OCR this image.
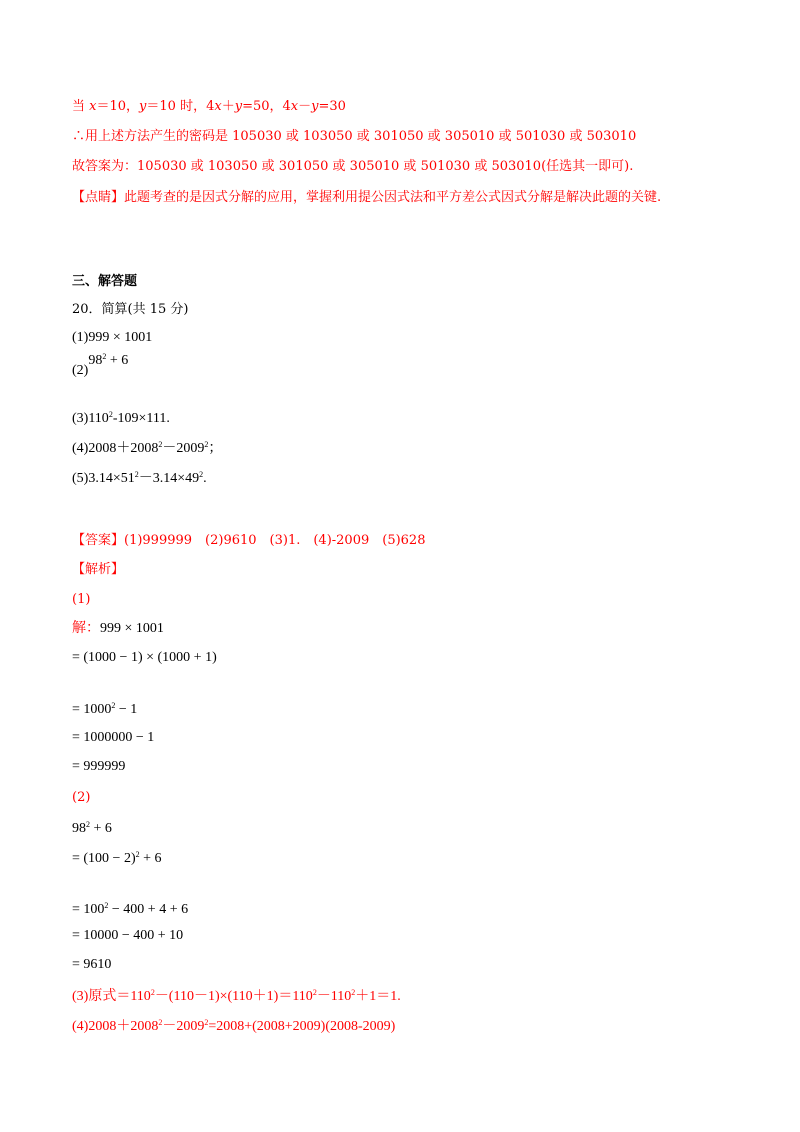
当 x＝10，y＝10 时，4x＋y=50，4x－y=30
∴用上述方法产生的密码是 105030 或 103050 或 301050 或 305010 或 501030 或 503010
故答案为：105030 或 103050 或 301050 或 305010 或 501030 或 503010(任选其一即可).
【点睛】此题考查的是因式分解的应用，掌握利用提公因式法和平方差公式因式分解是解决此题的关键.
三、解答题
20．简算(共 15 分)
(1)999 × 1001
$(2)98^2 + 6$
$(3)110^2-109\times 111$.
$(4)2008+2008^2-2009^2$；
$(5)3.14\times 51^2-3.14\times 49^2$.
【答案】(1)999999　(2)9610　(3)1.　(4)-2009　(5)628
【解析】
(1)
解：999 × 1001
= (1000 − 1) × (1000 + 1)
= $1000^2 - 1$
= 1000000 − 1
= 999999
(2)
$98^2 + 6$
= $(100 - 2)^2 + 6$
= $100^2 - 400 + 4 + 6$
= 10000 − 400 + 10
= 9610
(3)原式$=110^2-(110-1)\times(110+1)=110^2-110^2+1=1$.
$(4)2008+2008^2-2009^2=2008+(2008+2009)(2008-2009)$
